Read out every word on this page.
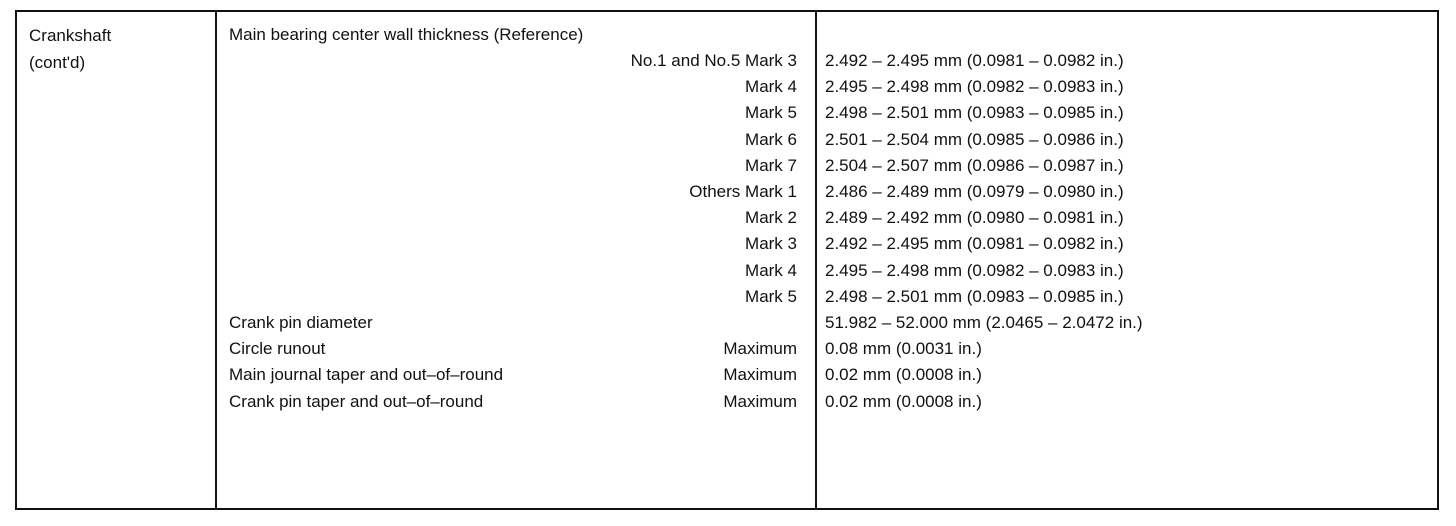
Crankshaft
(cont'd)
Main bearing center wall thickness (Reference)
No.1 and No.5 Mark 3 2.492 – 2.495 mm (0.0981 – 0.0982 in.)
Mark 4 2.495 – 2.498 mm (0.0982 – 0.0983 in.)
Mark 5 2.498 – 2.501 mm (0.0983 – 0.0985 in.)
Mark 6 2.501 – 2.504 mm (0.0985 – 0.0986 in.)
Mark 7 2.504 – 2.507 mm (0.0986 – 0.0987 in.)
Others Mark 1 2.486 – 2.489 mm (0.0979 – 0.0980 in.)
Mark 2 2.489 – 2.492 mm (0.0980 – 0.0981 in.)
Mark 3 2.492 – 2.495 mm (0.0981 – 0.0982 in.)
Mark 4 2.495 – 2.498 mm (0.0982 – 0.0983 in.)
Mark 5 2.498 – 2.501 mm (0.0983 – 0.0985 in.)
Crank pin diameter	51.982 – 52.000 mm (2.0465 – 2.0472 in.)
Circle runout	Maximum 0.08 mm (0.0031 in.)
Main journal taper and out–of–round	Maximum 0.02 mm (0.0008 in.)
Crank pin taper and out–of–round	Maximum 0.02 mm (0.0008 in.)
